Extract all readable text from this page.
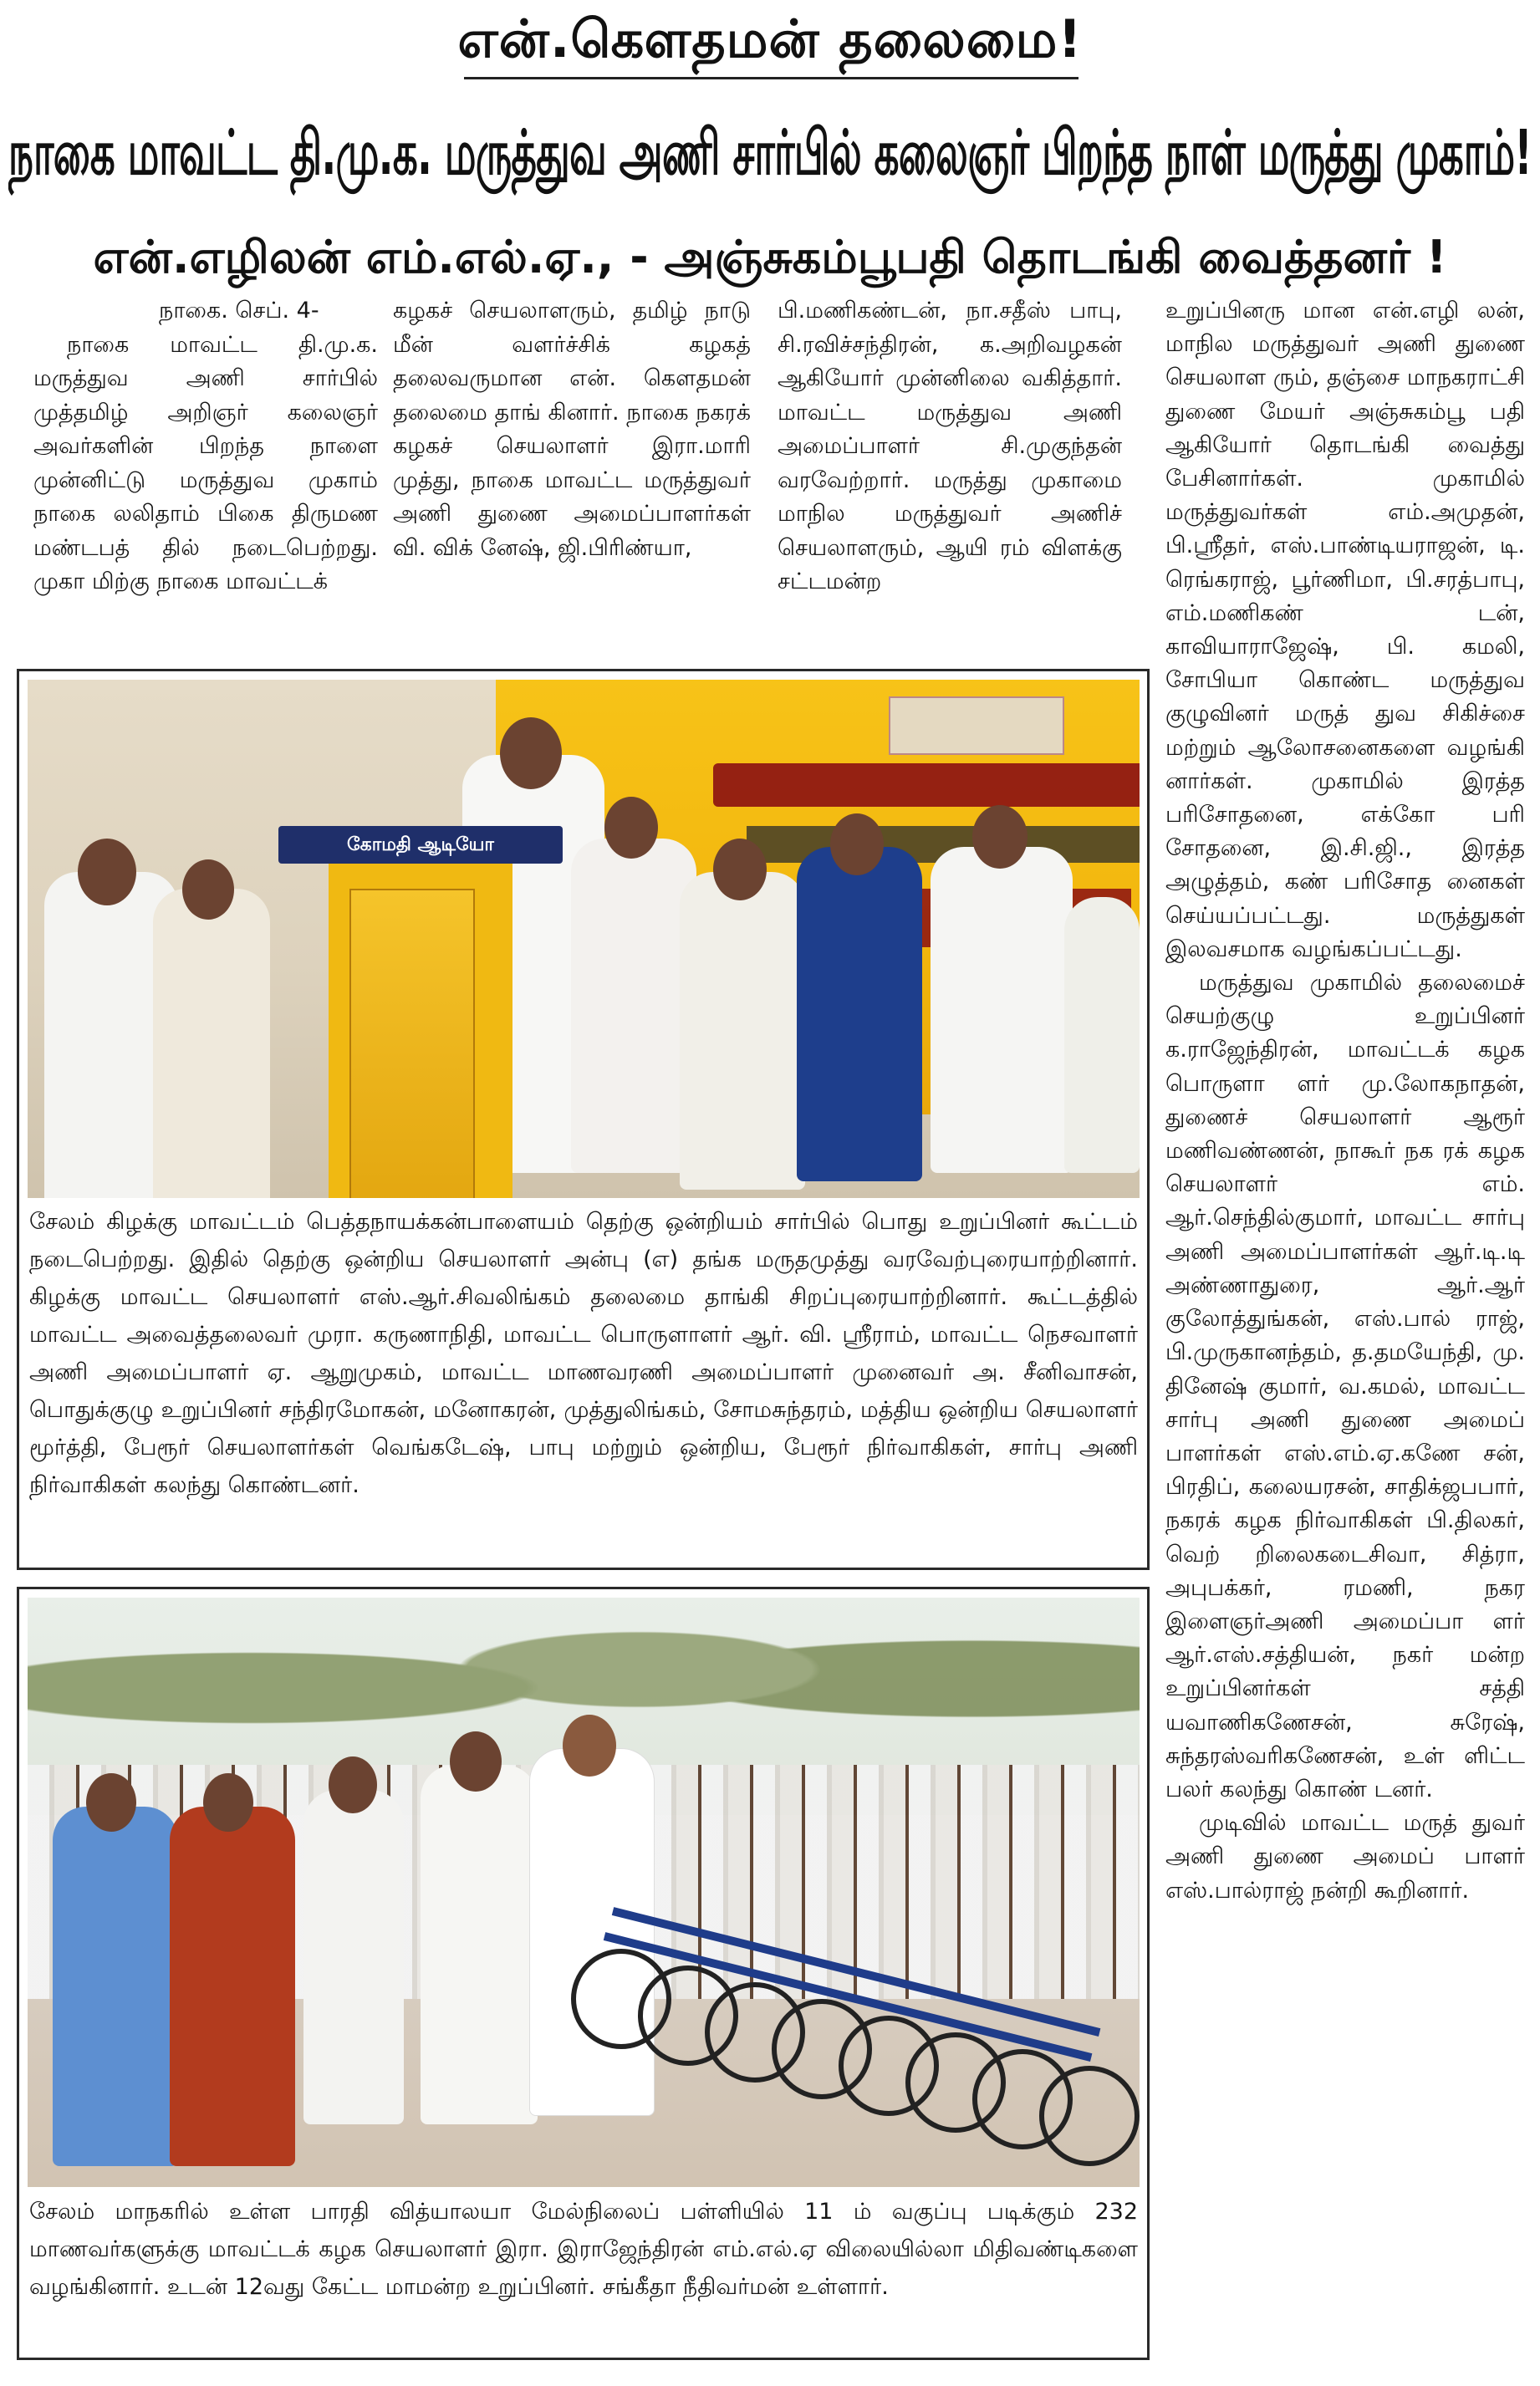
என்.கௌதமன் தலைமை!
நாகை மாவட்ட தி.மு.க. மருத்துவ அணி சார்பில் கலைஞர் பிறந்த நாள் மருத்து முகாம்!
என்.எழிலன் எம்.எல்.ஏ., - அஞ்சுகம்பூபதி தொடங்கி வைத்தனர் !

நாகை. செப். 4-

நாகை மாவட்ட தி.மு.க. மருத்துவ அணி சார்பில் முத்தமிழ் அறிஞர் கலைஞர் அவர்களின் பிறந்த நாளை முன்னிட்டு மருத்துவ முகாம் நாகை லலிதாம் பிகை திருமண மண்டபத் தில் நடைபெற்றது. முகா மிற்கு நாகை மாவட்டக்

கழகச் செயலாளரும், தமிழ் நாடு மீன் வளர்ச்சிக் கழகத் தலைவருமான என். கௌதமன் தலைமை தாங் கினார். நாகை நகரக் கழகச் செயலாளர் இரா.மாரி முத்து, நாகை மாவட்ட மருத்துவர் அணி துணை அமைப்பாளர்கள் வி. விக் னேஷ், ஜி.பிரிண்யா,

பி.மணிகண்டன், நா.சதீஸ் பாபு, சி.ரவிச்சந்திரன், க.அறிவழகன் ஆகியோர் முன்னிலை வகித்தார். மாவட்ட மருத்துவ அணி அமைப்பாளர் சி.முகுந்தன் வரவேற்றார். மருத்து முகாமை மாநில மருத்துவர் அணிச் செயலாளரும், ஆயி ரம் விளக்கு சட்டமன்ற

உறுப்பினரு மான என்.எழி லன், மாநில மருத்துவர் அணி துணை செயலாள ரும், தஞ்சை மாநகராட்சி துணை மேயர் அஞ்சுகம்பூ பதி ஆகியோர் தொடங்கி வைத்து பேசினார்கள். முகாமில் மருத்துவர்கள் எம்.அமுதன், பி.ஸ்ரீதர், எஸ்.பாண்டியராஜன், டி. ரெங்கராஜ், பூர்ணிமா, பி.சரத்பாபு, எம்.மணிகண் டன், காவியாராஜேஷ், பி. கமலி, சோபியா கொண்ட மருத்துவ குழுவினர் மருத் துவ சிகிச்சை மற்றும் ஆலோசனைகளை வழங்கி னார்கள். முகாமில் இரத்த பரிசோதனை, எக்கோ பரி சோதனை, இ.சி.ஜி., இரத்த அழுத்தம், கண் பரிசோத னைகள் செய்யப்பட்டது. மருத்துகள் இலவசமாக வழங்கப்பட்டது.

மருத்துவ முகாமில் தலைமைச் செயற்குழு உறுப்பினர் க.ராஜேந்திரன், மாவட்டக் கழக பொருளா ளர் மு.லோகநாதன், துணைச் செயலாளர் ஆரூர் மணிவண்ணன், நாகூர் நக ரக் கழக செயலாளர் எம். ஆர்.செந்தில்குமார், மாவட்ட சார்பு அணி அமைப்பாளர்கள் ஆர்.டி.டி அண்ணாதுரை, ஆர்.ஆர் குலோத்துங்கன், எஸ்.பால் ராஜ், பி.முருகானந்தம், த.தமயேந்தி, மு. தினேஷ் குமார், வ.கமல், மாவட்ட சார்பு அணி துணை அமைப் பாளர்கள் எஸ்.எம்.ஏ.கணே சன், பிரதிப், கலையரசன், சாதிக்ஜபபார், நகரக் கழக நிர்வாகிகள் பி.திலகர், வெற் றிலைகடைசிவா, சித்ரா, அபுபக்கர், ரமணி, நகர இளைஞர்அணி அமைப்பா ளர் ஆர்.எஸ்.சத்தியன், நகர் மன்ற உறுப்பினர்கள் சத்தி யவாணிகணேசன், சுரேஷ், சுந்தரஸ்வரிகணேசன், உள் ளிட்ட பலர் கலந்து கொண் டனர்.

முடிவில் மாவட்ட மருத் துவர் அணி துணை அமைப் பாளர் எஸ்.பால்ராஜ் நன்றி கூறினார்.

கோமதி ஆடியோ
சேலம் கிழக்கு மாவட்டம் பெத்தநாயக்கன்பாளையம் தெற்கு ஒன்றியம் சார்பில் பொது உறுப்பினர் கூட்டம் நடைபெற்றது. இதில் தெற்கு ஒன்றிய செயலாளர் அன்பு (எ) தங்க மருதமுத்து வரவேற்புரையாற்றினார். கிழக்கு மாவட்ட செயலாளர் எஸ்.ஆர்.சிவலிங்கம் தலைமை தாங்கி சிறப்புரையாற்றினார். கூட்டத்தில் மாவட்ட அவைத்தலைவர் முரா. கருணாநிதி, மாவட்ட பொருளாளர் ஆர். வி. ஸ்ரீராம், மாவட்ட நெசவாளர் அணி அமைப்பாளர் ஏ. ஆறுமுகம், மாவட்ட மாணவரணி அமைப்பாளர் முனைவர் அ. சீனிவாசன், பொதுக்குழு உறுப்பினர் சந்திரமோகன், மனோகரன், முத்துலிங்கம், சோமசுந்தரம், மத்திய ஒன்றிய செயலாளர் மூர்த்தி, பேரூர் செயலாளர்கள் வெங்கடேஷ், பாபு மற்றும் ஒன்றிய, பேரூர் நிர்வாகிகள், சார்பு அணி நிர்வாகிகள் கலந்து கொண்டனர்.
சேலம் மாநகரில் உள்ள பாரதி வித்யாலயா மேல்நிலைப் பள்ளியில் 11 ம் வகுப்பு படிக்கும் 232 மாணவர்களுக்கு மாவட்டக் கழக செயலாளர் இரா. இராஜேந்திரன் எம்.எல்.ஏ விலையில்லா மிதிவண்டிகளை வழங்கினார். உடன் 12வது கேட்ட மாமன்ற உறுப்பினர். சங்கீதா நீதிவர்மன் உள்ளார்.
